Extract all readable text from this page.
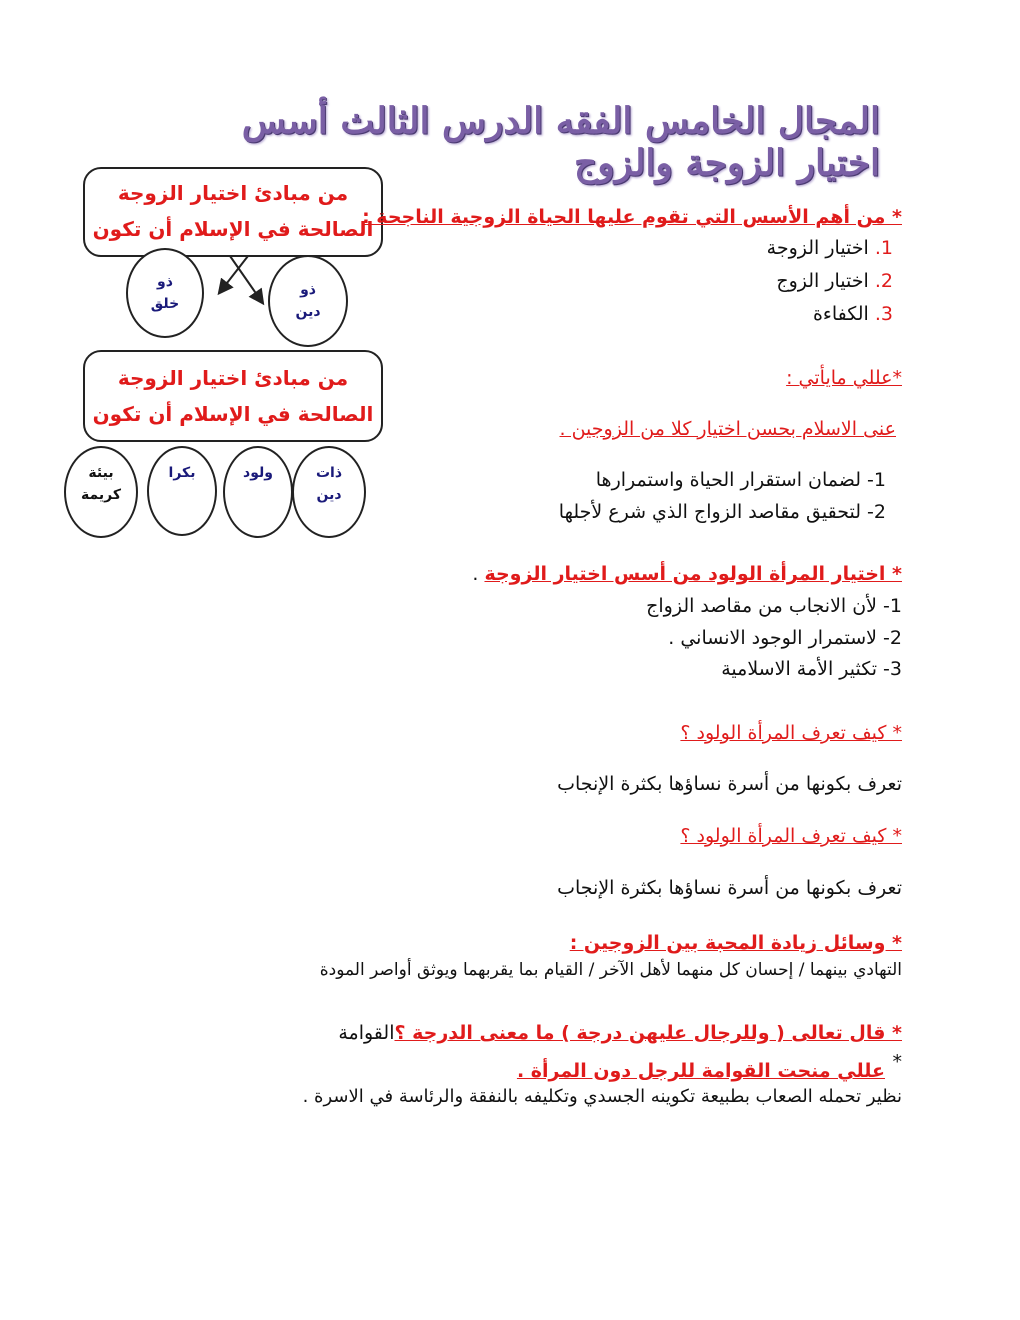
المجال الخامس الفقه الدرس الثالث أسس اختيار الزوجة والزوج
من مبادئ اختيار الزوجة
الصالحة في الإسلام أن تكون
ذو
خلق
ذو
دين
من مبادئ اختيار الزوجة
الصالحة في الإسلام أن تكون
بيئة
كريمة
بكرا	ولود	ذات
دين
* من أهم الأسس التي تقوم عليها الحياة الزوجية الناجحة :
1. اختيار الزوجة
2. اختيار الزوج
3. الكفاءة
*عللي مايأتي :
عنى الاسلام بحسن اختيار كلا من الزوجين .
1- لضمان استقرار الحياة واستمرارها
2- لتحقيق مقاصد الزواج الذي شرع لأجلها
* اختيار المرأة الولود من أسس اختيار الزوجة .
1- لأن الانجاب من مقاصد الزواج
2- لاستمرار الوجود الانساني .
3- تكثير الأمة الاسلامية
* كيف تعرف المرأة الولود ؟
تعرف بكونها من أسرة نساؤها بكثرة الإنجاب
* كيف تعرف المرأة الولود ؟
تعرف بكونها من أسرة نساؤها بكثرة الإنجاب
* وسائل زيادة المحبة بين الزوجين :
التهادي بينهما / إحسان كل منهما لأهل الآخر / القيام بما يقربهما ويوثق أواصر المودة
* قال تعالى ( وللرجال عليهن درجة ) ما معنى الدرجة ؟القوامة
*

عللي منحت القوامة للرجل دون المرأة .
نظير تحمله الصعاب بطبيعة تكوينه الجسدي وتكليفه بالنفقة والرئاسة في الاسرة .
